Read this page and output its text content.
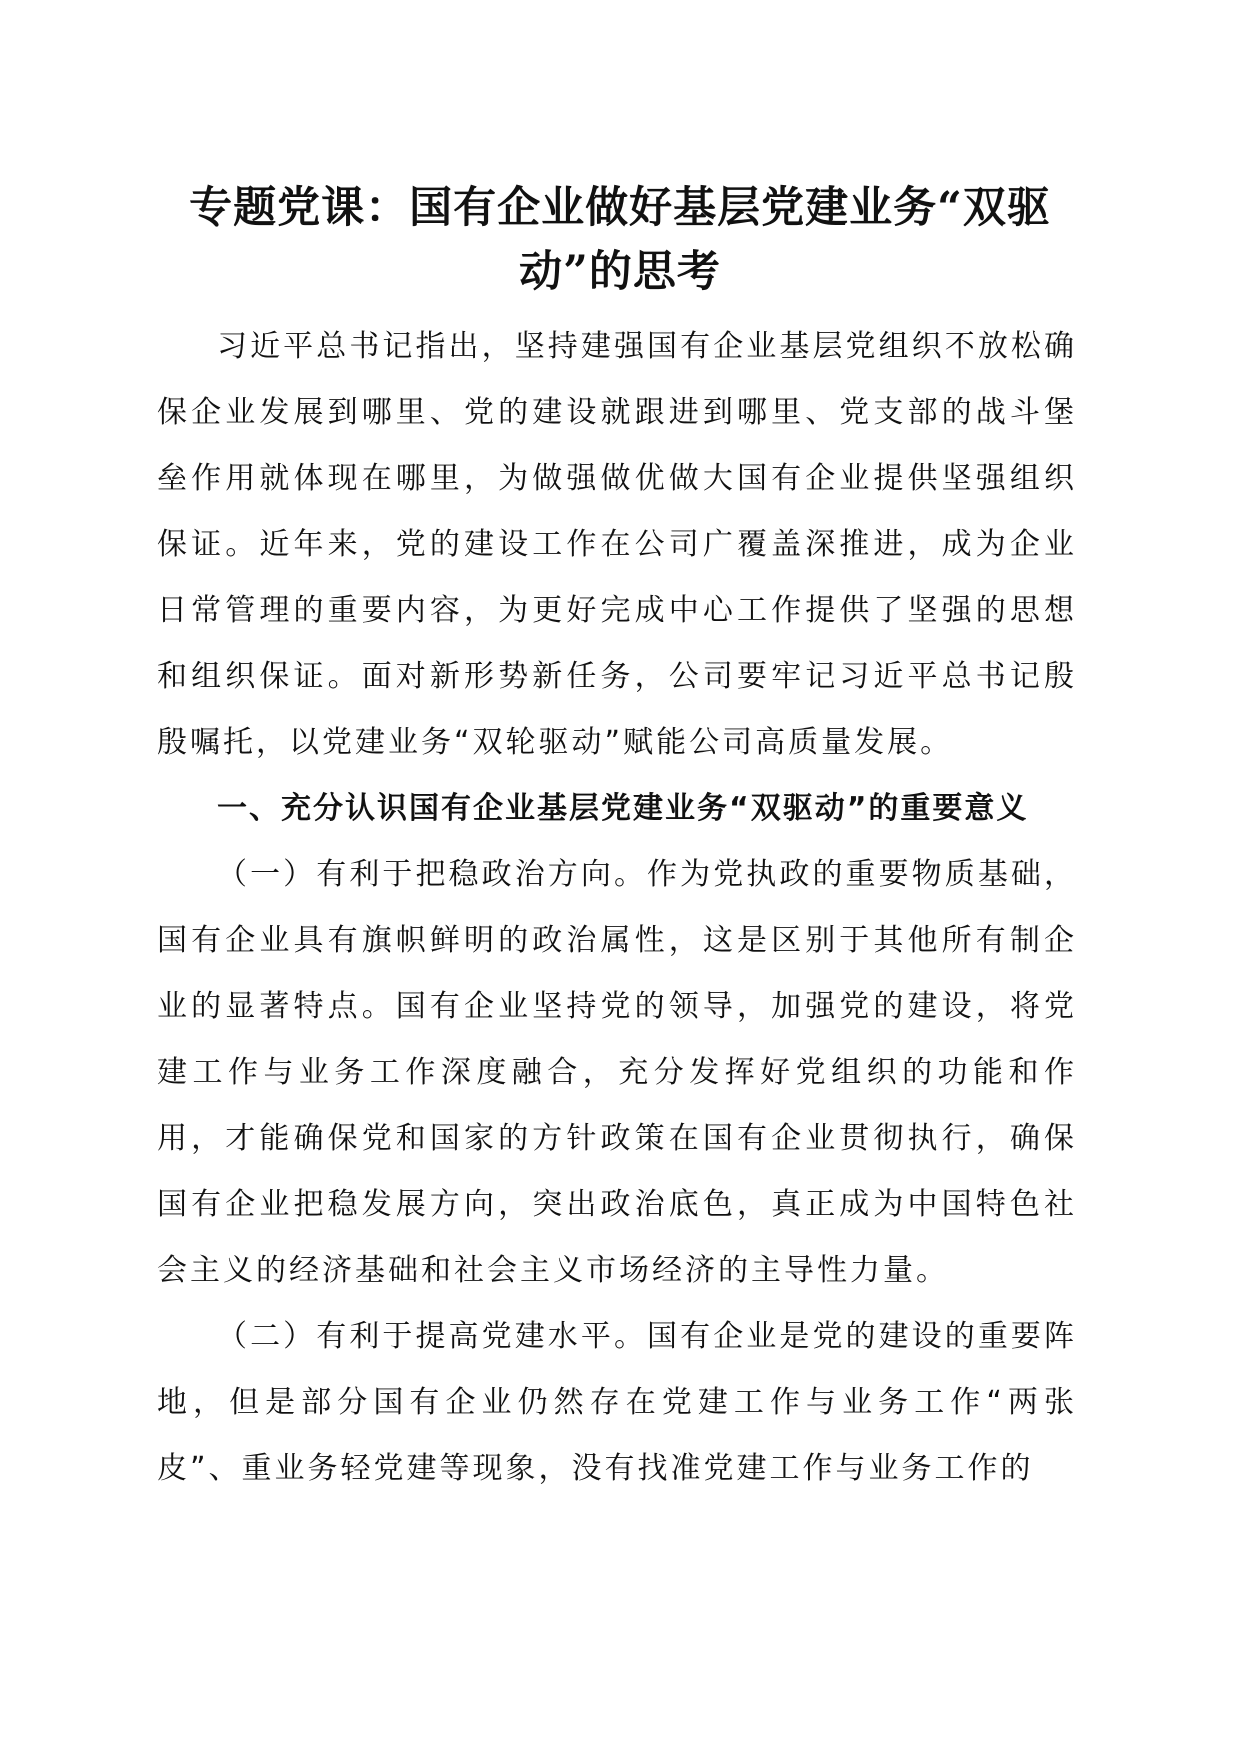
专题党课：国有企业做好基层党建业务“双驱动”的思考

习近平总书记指出，坚持建强国有企业基层党组织不放松确保企业发展到哪里、党的建设就跟进到哪里、党支部的战斗堡垒作用就体现在哪里，为做强做优做大国有企业提供坚强组织保证。近年来，党的建设工作在公司广覆盖深推进，成为企业日常管理的重要内容，为更好完成中心工作提供了坚强的思想和组织保证。面对新形势新任务，公司要牢记习近平总书记殷殷嘱托，以党建业务“双轮驱动”赋能公司高质量发展。

一、充分认识国有企业基层党建业务“双驱动”的重要意义

（一）有利于把稳政治方向。作为党执政的重要物质基础，国有企业具有旗帜鲜明的政治属性，这是区别于其他所有制企业的显著特点。国有企业坚持党的领导，加强党的建设，将党建工作与业务工作深度融合，充分发挥好党组织的功能和作用，才能确保党和国家的方针政策在国有企业贯彻执行，确保国有企业把稳发展方向，突出政治底色，真正成为中国特色社会主义的经济基础和社会主义市场经济的主导性力量。

（二）有利于提高党建水平。国有企业是党的建设的重要阵地，但是部分国有企业仍然存在党建工作与业务工作“两张皮”、重业务轻党建等现象，没有找准党建工作与业务工作的
